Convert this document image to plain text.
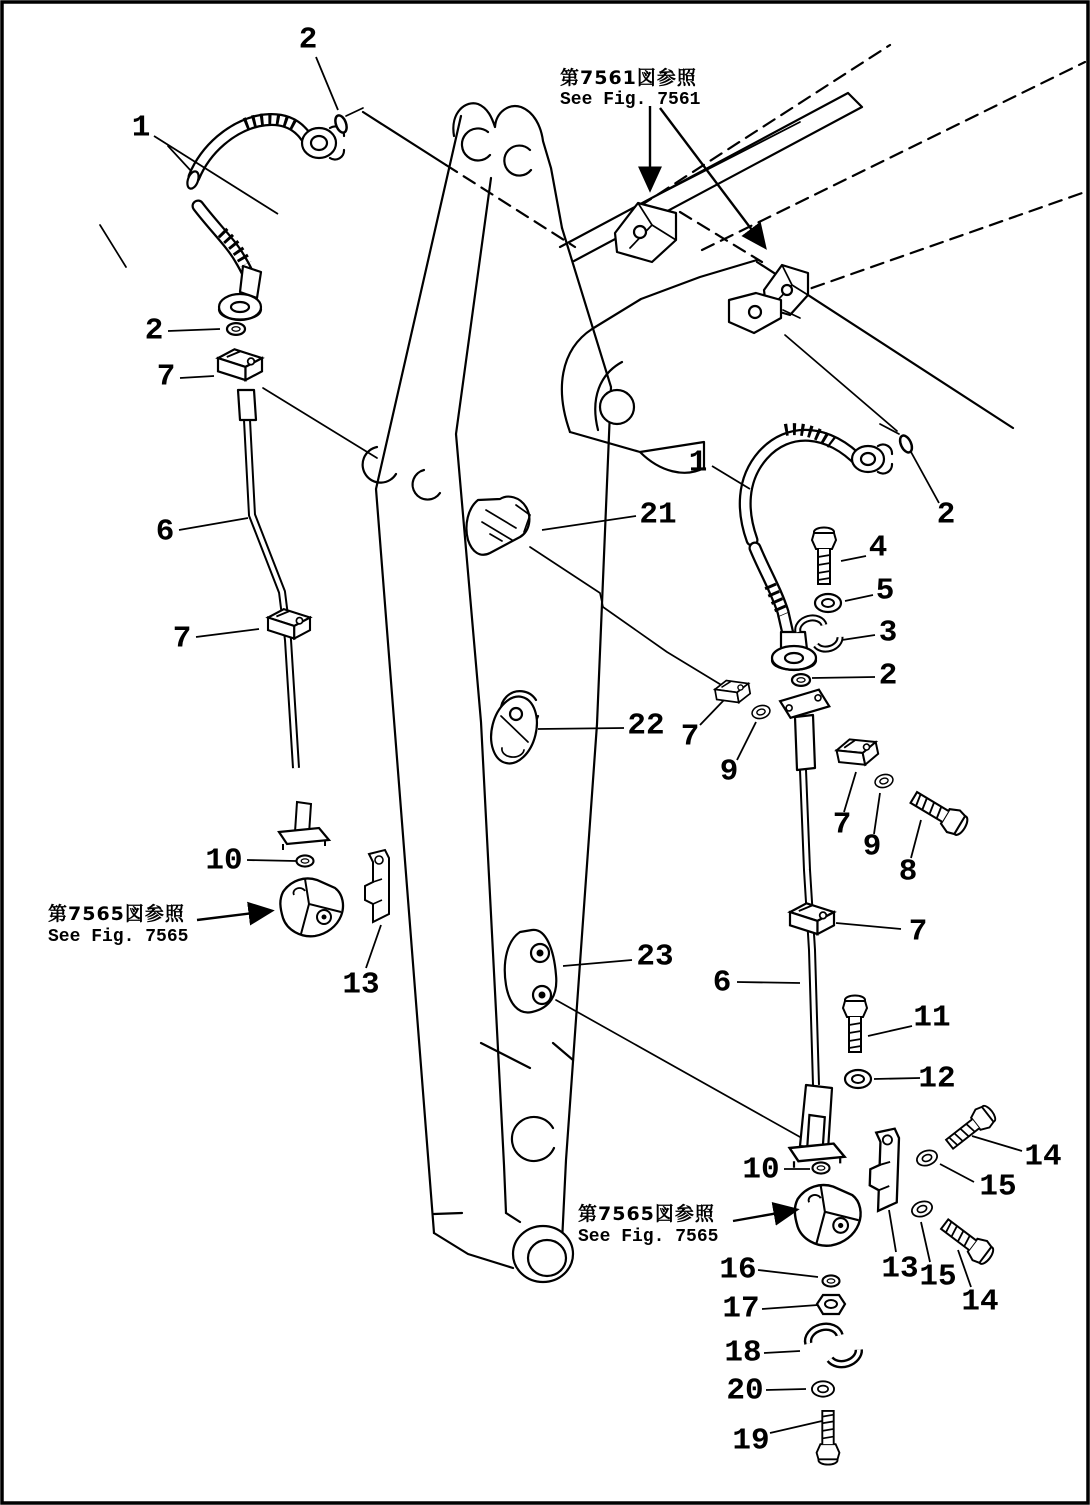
2
1
2
7
6
7
10
13
21
22
23
1
2
4
5
3
2
7
9
7
9
8
7
6
11
12
14
15
10
13 15
14
16
17
18
20
19
第7561図参照
See Fig. 7561
第7565図参照
See Fig. 7565
第7565図参照
See Fig. 7565
